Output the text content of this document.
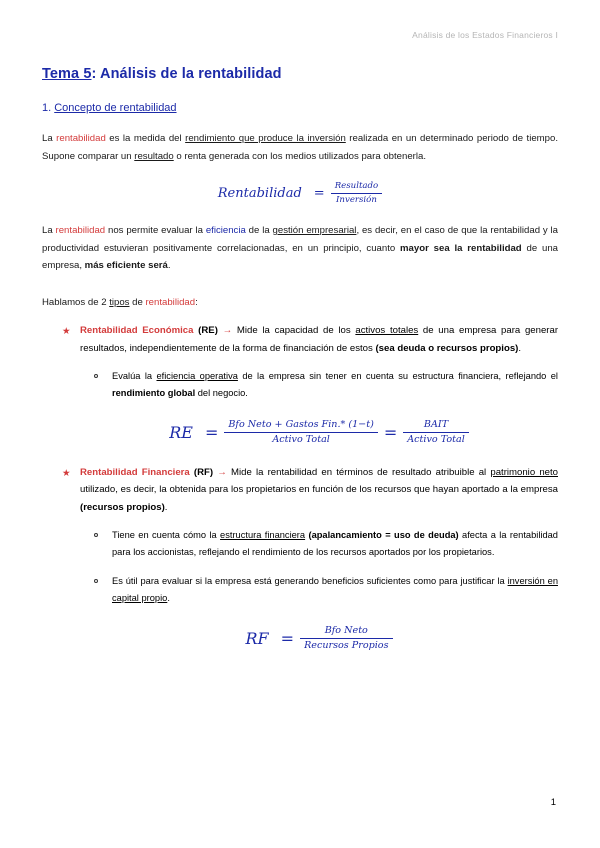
Análisis de los Estados Financieros I
Tema 5: Análisis de la rentabilidad
1. Concepto de rentabilidad

La rentabilidad es la medida del rendimiento que produce la inversión realizada en un determinado periodo de tiempo. Supone comparar un resultado o renta generada con los medios utilizados para obtenerla.

Rentabilidad = $\frac{\text{Resultado}}{\text{Inversión}}$

La rentabilidad nos permite evaluar la eficiencia de la gestión empresarial, es decir, en el caso de que la rentabilidad y la productividad estuvieran positivamente correlacionadas, en un principio, cuanto mayor sea la rentabilidad de una empresa, más eficiente será.

Hablamos de 2 tipos de rentabilidad:

★ Rentabilidad Económica (RE) → Mide la capacidad de los activos totales de una empresa para generar resultados, independientemente de la forma de financiación de estos (sea deuda o recursos propios).
Evalúa la eficiencia operativa de la empresa sin tener en cuenta su estructura financiera, reflejando el rendimiento global del negocio.
RE = $\frac{\text{Bfo Neto + Gastos Fin.* (1−t)}}{\text{Activo Total}} = \frac{\text{BAIT}}{\text{Activo Total}}$
★ Rentabilidad Financiera (RF) → Mide la rentabilidad en términos de resultado atribuible al patrimonio neto utilizado, es decir, la obtenida para los propietarios en función de los recursos que hayan aportado a la empresa (recursos propios).
Tiene en cuenta cómo la estructura financiera (apalancamiento = uso de deuda) afecta a la rentabilidad para los accionistas, reflejando el rendimiento de los recursos aportados por los propietarios.
Es útil para evaluar si la empresa está generando beneficios suficientes como para justificar la inversión en capital propio.
RF = $\frac{\text{Bfo Neto}}{\text{Recursos Propios}}$
1
